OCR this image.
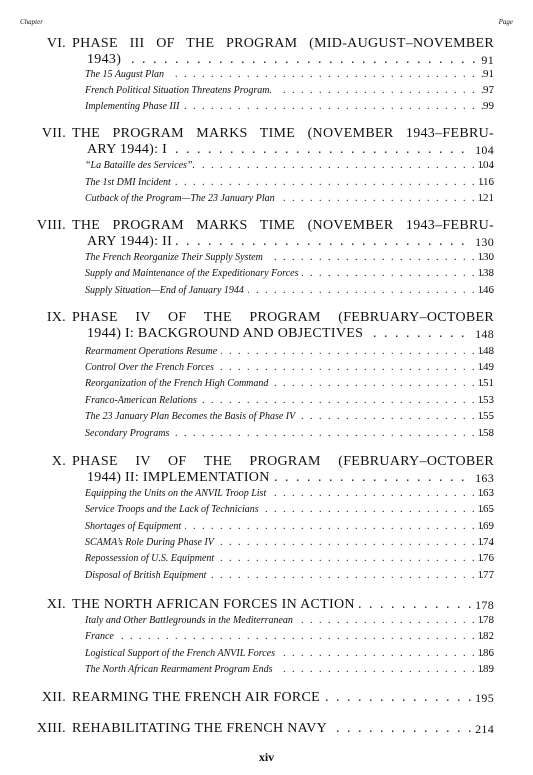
Chapter	Page
VI. PHASE III OF THE PROGRAM (MID-AUGUST–NOVEMBER
. . .
1943)	91
. . .
The 15 August Plan	91
. . .
French Political Situation Threatens Program.	97
. . .
Implementing Phase III	99
VII. THE PROGRAM MARKS TIME (NOVEMBER 1943–FEBRU-
. . .
ARY 1944): I	104
. . .
“La Bataille des Services”.	104
. . .
The 1st DMI Incident	116
. . .
Cutback of the Program—The 23 January Plan	121
VIII. THE PROGRAM MARKS TIME (NOVEMBER 1943–FEBRU-
. . .
ARY 1944): II	130
. . .
The French Reorganize Their Supply System	130
. . .
Supply and Maintenance of the Expeditionary Forces	138
. . .
Supply Situation—End of January 1944	146
IX. PHASE IV OF THE PROGRAM (FEBRUARY–OCTOBER
. . .
1944) I: BACKGROUND AND OBJECTIVES	148
. . .
Rearmament Operations Resume	148
. . .
Control Over the French Forces	149
. . .
Reorganization of the French High Command	151
. . .
Franco-American Relations	153
. . .
The 23 January Plan Becomes the Basis of Phase IV	155
. . .
Secondary Programs	158
X. PHASE IV OF THE PROGRAM (FEBRUARY–OCTOBER
. . .
1944) II: IMPLEMENTATION	163
. . .
Equipping the Units on the ANVIL Troop List	163
. . .
Service Troops and the Lack of Technicians	165
. . .
Shortages of Equipment	169
. . .
SCAMA’s Role During Phase IV	174
. . .
Repossession of U.S. Equipment	176
. . .
Disposal of British Equipment	177
XI. . . . THE NORTH AFRICAN FORCES IN ACTION	178
. . .
Italy and Other Battlegrounds in the Mediterranean	178
. . .
France	182
. . .
Logistical Support of the French ANVIL Forces	186
. . .
The North African Rearmament Program Ends	189
XII. . . . REARMING THE FRENCH AIR FORCE	195
XIII. . . . REHABILITATING THE FRENCH NAVY	214
xiv
